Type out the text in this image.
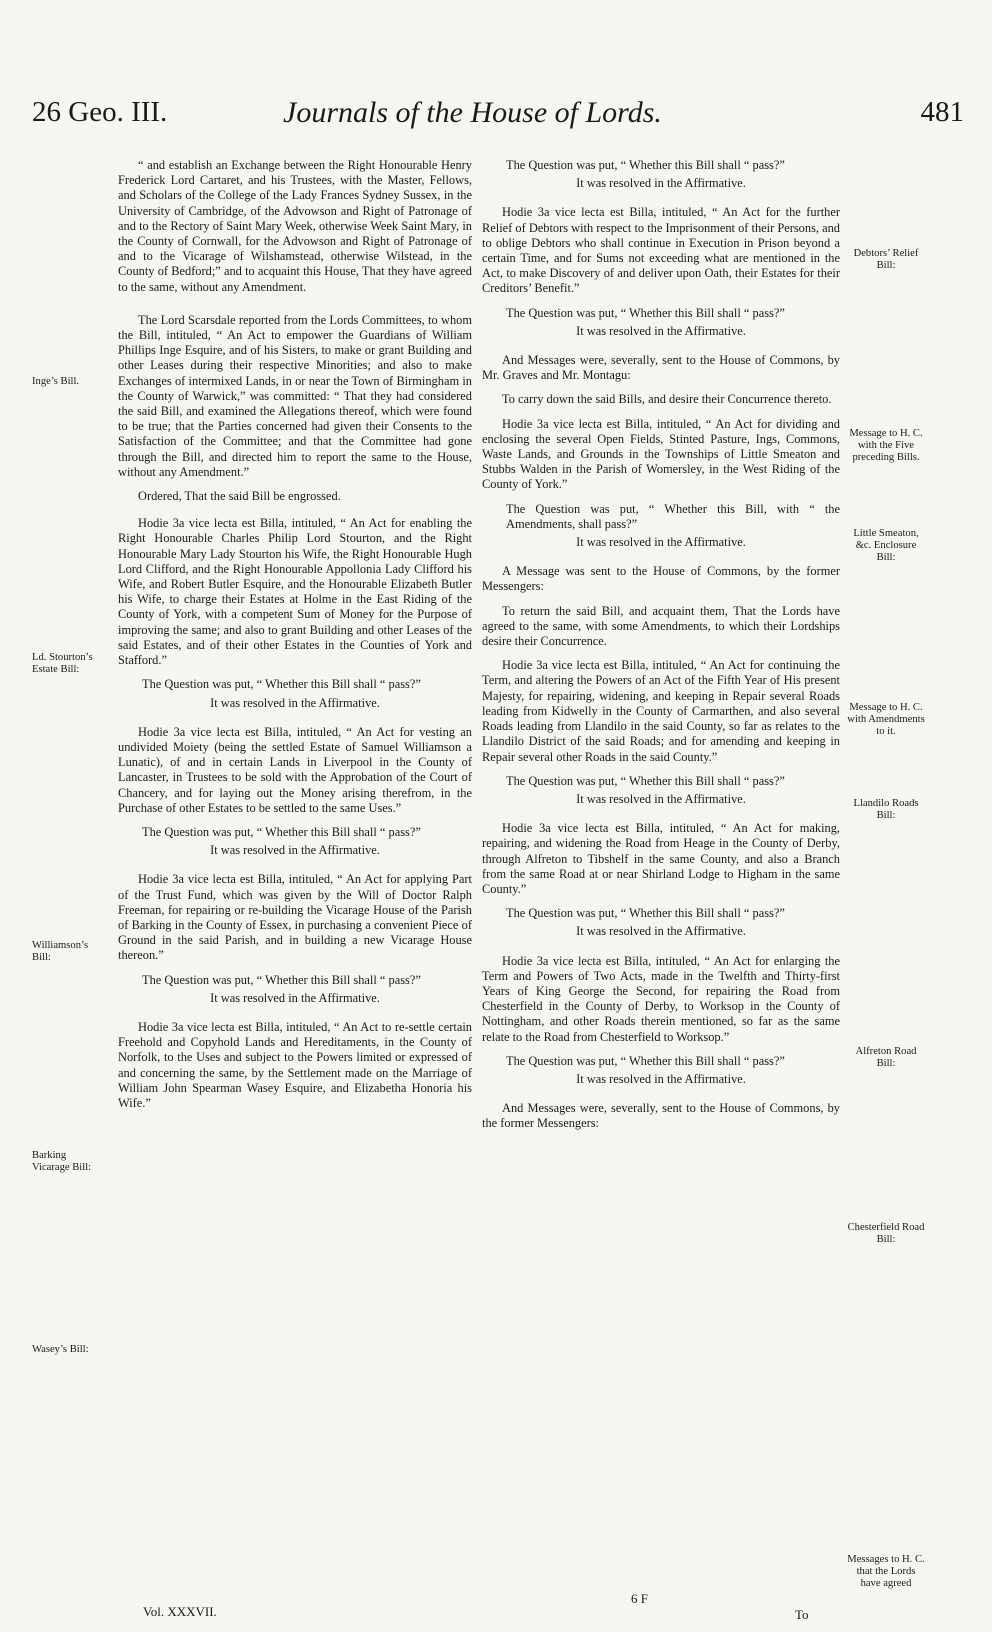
26 Geo. III.	Journals of the House of Lords.	481

“ and establish an Exchange between the Right Honourable Henry Frederick Lord Cartaret, and his Trustees, with the Master, Fellows, and Scholars of the College of the Lady Frances Sydney Sussex, in the University of Cambridge, of the Advowson and Right of Patronage of and to the Rectory of Saint Mary Week, otherwise Week Saint Mary, in the County of Cornwall, for the Advowson and Right of Patronage of and to the Vicarage of Wilshamstead, otherwise Wilstead, in the County of Bedford;” and to acquaint this House, That they have agreed to the same, without any Amendment.

The Lord Scarsdale reported from the Lords Committees, to whom the Bill, intituled, “ An Act to empower the Guardians of William Phillips Inge Esquire, and of his Sisters, to make or grant Building and other Leases during their respective Minorities; and also to make Exchanges of intermixed Lands, in or near the Town of Birmingham in the County of Warwick,” was committed: “ That they had considered the said Bill, and examined the Allegations thereof, which were found to be true; that the Parties concerned had given their Consents to the Satisfaction of the Committee; and that the Committee had gone through the Bill, and directed him to report the same to the House, without any Amendment.”

Ordered, That the said Bill be engrossed.

Hodie 3a vice lecta est Billa, intituled, “ An Act for enabling the Right Honourable Charles Philip Lord Stourton, and the Right Honourable Mary Lady Stourton his Wife, the Right Honourable Hugh Lord Clifford, and the Right Honourable Appollonia Lady Clifford his Wife, and Robert Butler Esquire, and the Honourable Elizabeth Butler his Wife, to charge their Estates at Holme in the East Riding of the County of York, with a competent Sum of Money for the Purpose of improving the same; and also to grant Building and other Leases of the said Estates, and of their other Estates in the Counties of York and Stafford.”

The Question was put, “ Whether this Bill shall “ pass?”

It was resolved in the Affirmative.

Hodie 3a vice lecta est Billa, intituled, “ An Act for vesting an undivided Moiety (being the settled Estate of Samuel Williamson a Lunatic), of and in certain Lands in Liverpool in the County of Lancaster, in Trustees to be sold with the Approbation of the Court of Chancery, and for laying out the Money arising therefrom, in the Purchase of other Estates to be settled to the same Uses.”

The Question was put, “ Whether this Bill shall “ pass?”

It was resolved in the Affirmative.

Hodie 3a vice lecta est Billa, intituled, “ An Act for applying Part of the Trust Fund, which was given by the Will of Doctor Ralph Freeman, for repairing or re-building the Vicarage House of the Parish of Barking in the County of Essex, in purchasing a convenient Piece of Ground in the said Parish, and in building a new Vicarage House thereon.”

The Question was put, “ Whether this Bill shall “ pass?”

It was resolved in the Affirmative.

Hodie 3a vice lecta est Billa, intituled, “ An Act to re-settle certain Freehold and Copyhold Lands and Hereditaments, in the County of Norfolk, to the Uses and subject to the Powers limited or expressed of and concerning the same, by the Settlement made on the Marriage of William John Spearman Wasey Esquire, and Elizabetha Honoria his Wife.”

The Question was put, “ Whether this Bill shall “ pass?”

It was resolved in the Affirmative.

Hodie 3a vice lecta est Billa, intituled, “ An Act for the further Relief of Debtors with respect to the Imprisonment of their Persons, and to oblige Debtors who shall continue in Execution in Prison beyond a certain Time, and for Sums not exceeding what are mentioned in the Act, to make Discovery of and deliver upon Oath, their Estates for their Creditors’ Benefit.”

The Question was put, “ Whether this Bill shall “ pass?”

It was resolved in the Affirmative.

And Messages were, severally, sent to the House of Commons, by Mr. Graves and Mr. Montagu:

To carry down the said Bills, and desire their Concurrence thereto.

Hodie 3a vice lecta est Billa, intituled, “ An Act for dividing and enclosing the several Open Fields, Stinted Pasture, Ings, Commons, Waste Lands, and Grounds in the Townships of Little Smeaton and Stubbs Walden in the Parish of Womersley, in the West Riding of the County of York.”

The Question was put, “ Whether this Bill, with “ the Amendments, shall pass?”

It was resolved in the Affirmative.

A Message was sent to the House of Commons, by the former Messengers:

To return the said Bill, and acquaint them, That the Lords have agreed to the same, with some Amendments, to which their Lordships desire their Concurrence.

Hodie 3a vice lecta est Billa, intituled, “ An Act for continuing the Term, and altering the Powers of an Act of the Fifth Year of His present Majesty, for repairing, widening, and keeping in Repair several Roads leading from Kidwelly in the County of Carmarthen, and also several Roads leading from Llandilo in the said County, so far as relates to the Llandilo District of the said Roads; and for amending and keeping in Repair several other Roads in the said County.”

The Question was put, “ Whether this Bill shall “ pass?”

It was resolved in the Affirmative.

Hodie 3a vice lecta est Billa, intituled, “ An Act for making, repairing, and widening the Road from Heage in the County of Derby, through Alfreton to Tibshelf in the same County, and also a Branch from the same Road at or near Shirland Lodge to Higham in the same County.”

The Question was put, “ Whether this Bill shall “ pass?”

It was resolved in the Affirmative.

Hodie 3a vice lecta est Billa, intituled, “ An Act for enlarging the Term and Powers of Two Acts, made in the Twelfth and Thirty-first Years of King George the Second, for repairing the Road from Chesterfield in the County of Derby, to Worksop in the County of Nottingham, and other Roads therein mentioned, so far as the same relate to the Road from Chesterfield to Worksop.”

The Question was put, “ Whether this Bill shall “ pass?”

It was resolved in the Affirmative.

And Messages were, severally, sent to the House of Commons, by the former Messengers:

Inge’s Bill.
Ld. Stourton’s Estate Bill:
Williamson’s Bill:
Barking Vicarage Bill:
Wasey’s Bill:
Debtors’ Relief Bill:
Message to H. C. with the Five preceding Bills.
Little Smeaton, &c. Enclosure Bill:
Message to H. C. with Amendments to it.
Llandilo Roads Bill:
Alfreton Road Bill:
Chesterfield Road Bill:
Messages to H. C. that the Lords have agreed
Vol. XXXVII.
6 F
To
